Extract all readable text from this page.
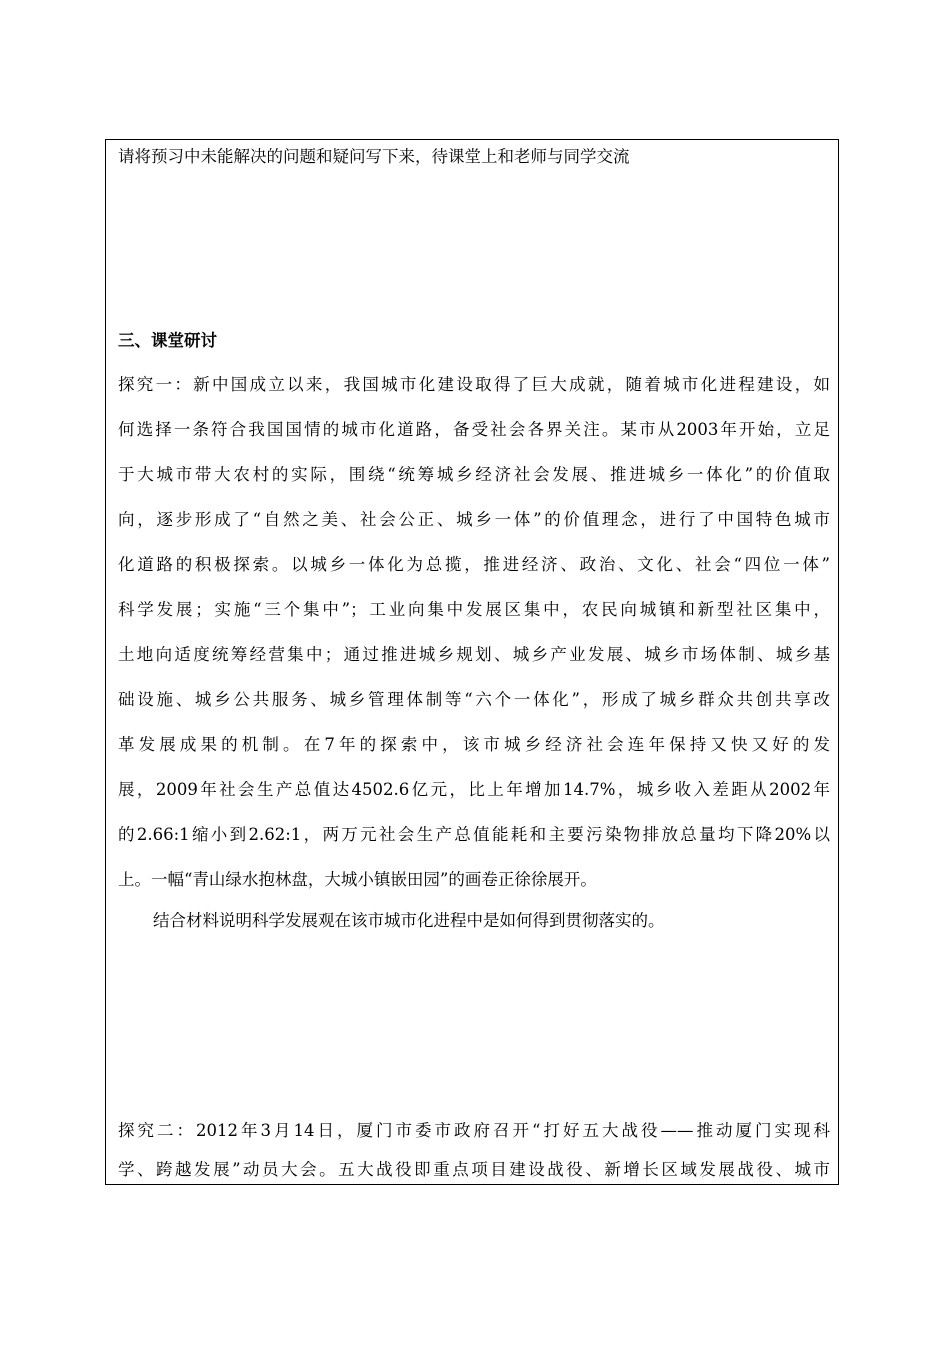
请将预习中未能解决的问题和疑问写下来，待课堂上和老师与同学交流
三、课堂研讨
探究一：新中国成立以来，我国城市化建设取得了巨大成就，随着城市化进程建设，如
何选择一条符合我国国情的城市化道路，备受社会各界关注。某市从2003年开始，立足
于大城市带大农村的实际，围绕“统筹城乡经济社会发展、推进城乡一体化”的价值取
向，逐步形成了“自然之美、社会公正、城乡一体”的价值理念，进行了中国特色城市
化道路的积极探索。以城乡一体化为总揽，推进经济、政治、文化、社会“四位一体”
科学发展；实施“三个集中”；工业向集中发展区集中，农民向城镇和新型社区集中，
土地向适度统筹经营集中；通过推进城乡规划、城乡产业发展、城乡市场体制、城乡基
础设施、城乡公共服务、城乡管理体制等“六个一体化”，形成了城乡群众共创共享改
革发展成果的机制。在7年的探索中，该市城乡经济社会连年保持又快又好的发
展，2009年社会生产总值达4502.6亿元，比上年增加14.7%，城乡收入差距从2002年
的2.66:1缩小到2.62:1，两万元社会生产总值能耗和主要污染物排放总量均下降20%以
上。一幅“青山绿水抱林盘，大城小镇嵌田园”的画卷正徐徐展开。
结合材料说明科学发展观在该市城市化进程中是如何得到贯彻落实的。
探究二：2012年3月14日，厦门市委市政府召开“打好五大战役——推动厦门实现科
学、跨越发展”动员大会。五大战役即重点项目建设战役、新增长区域发展战役、城市
